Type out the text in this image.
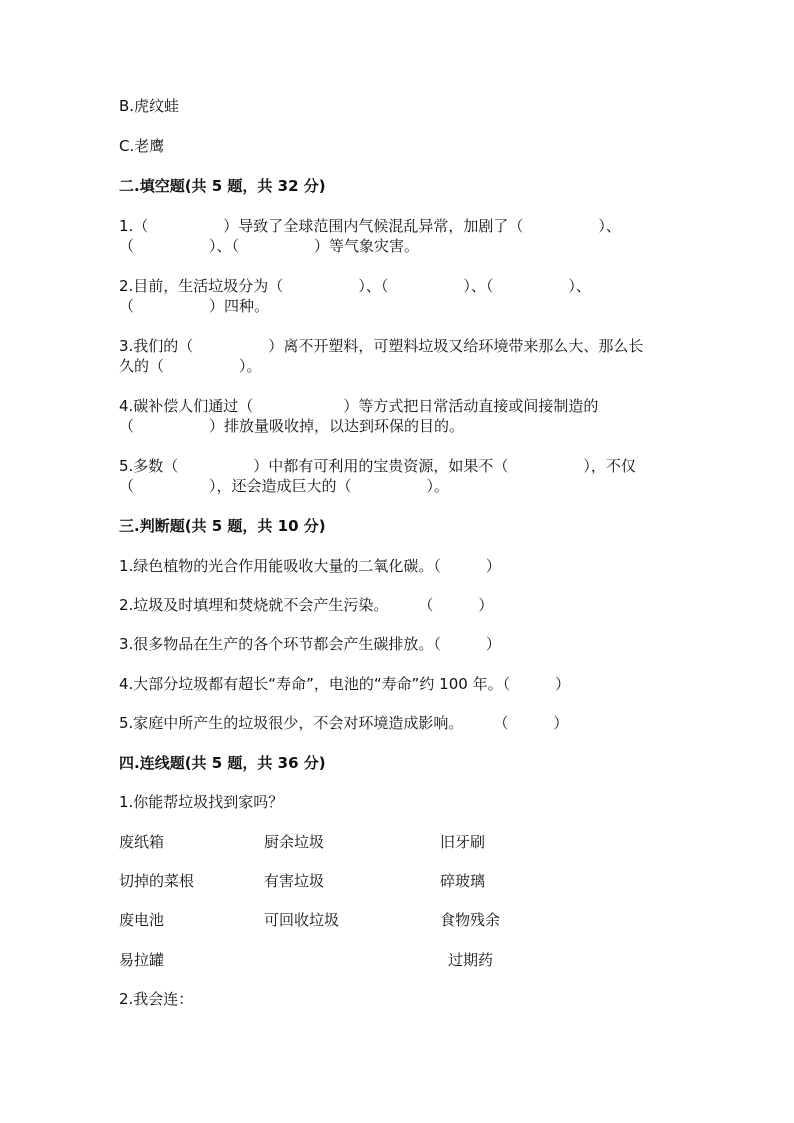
B.虎纹蛙
C.老鹰
二.填空题(共 5 题，共 32 分)
1.（　　　　　）导致了全球范围内气候混乱异常，加剧了（　　　　　）、
（　　　　　）、（　　　　　）等气象灾害。
2.目前，生活垃圾分为（　　　　　）、（　　　　　）、（　　　　　）、
（　　　　　）四种。
3.我们的（　　　　　）离不开塑料，可塑料垃圾又给环境带来那么大、那么长
久的（　　　　　）。
4.碳补偿人们通过（　　　　　　）等方式把日常活动直接或间接制造的
（　　　　　）排放量吸收掉，以达到环保的目的。
5.多数（　　　　　）中都有可利用的宝贵资源，如果不（　　　　　），不仅
（　　　　　），还会造成巨大的（　　　　　）。
三.判断题(共 5 题，共 10 分)
1.绿色植物的光合作用能吸收大量的二氧化碳。（　　　）
2.垃圾及时填埋和焚烧就不会产生污染。　　　（　　　）
3.很多物品在生产的各个环节都会产生碳排放。（　　　）
4.大部分垃圾都有超长“寿命”，电池的“寿命”约 100 年。（　　　）
5.家庭中所产生的垃圾很少，不会对环境造成影响。　　　（　　　）
四.连线题(共 5 题，共 36 分)
1.你能帮垃圾找到家吗？
废纸箱
切掉的菜根
废电池
易拉罐
厨余垃圾
有害垃圾
可回收垃圾
旧牙刷
碎玻璃
食物残余
过期药
2.我会连：
